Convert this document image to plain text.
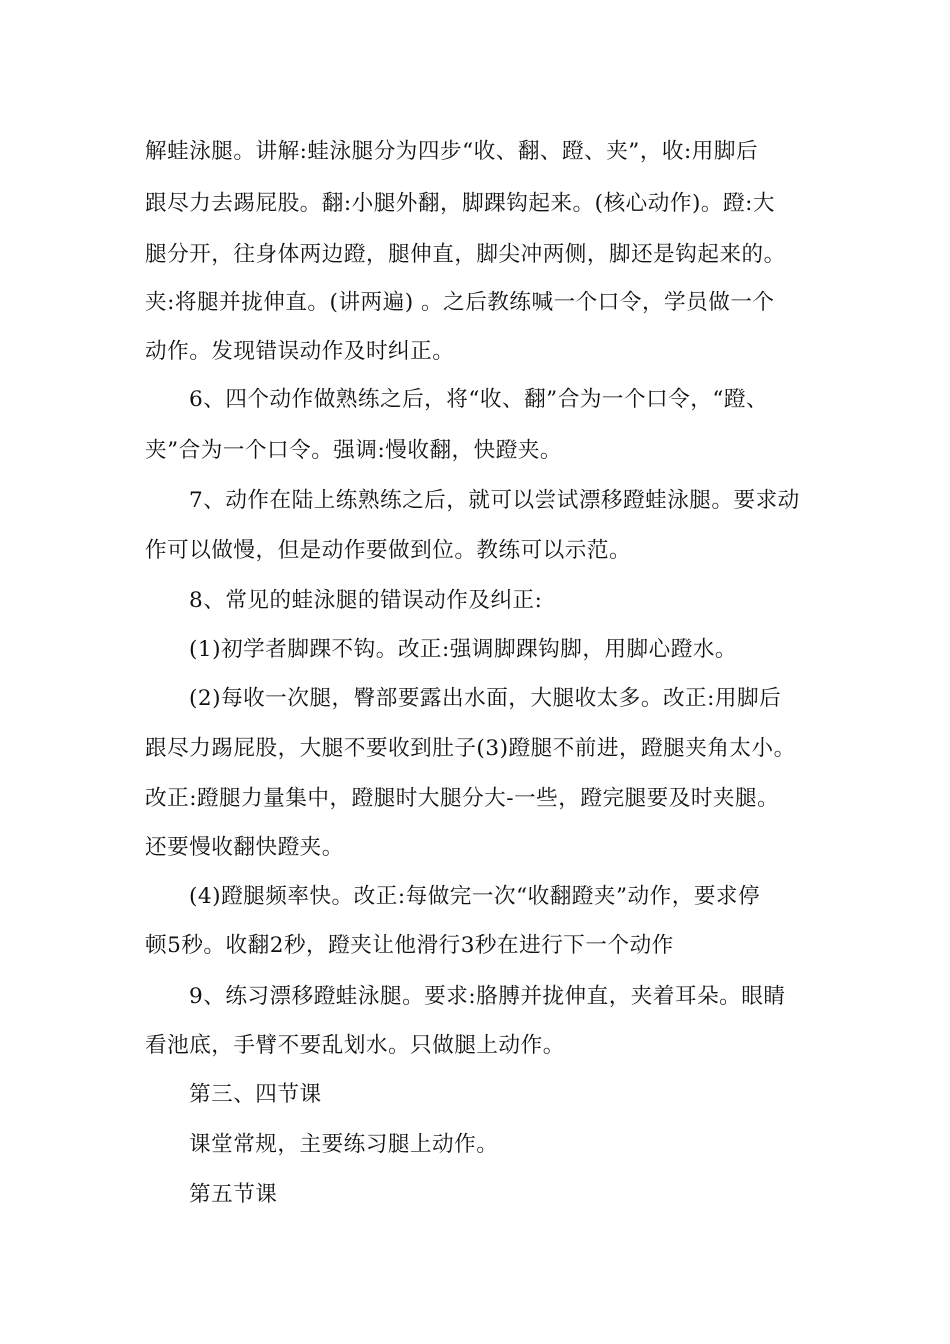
解蛙泳腿。讲解:蛙泳腿分为四步“收、翻、蹬、夹”，收:用脚后
跟尽力去踢屁股。翻:小腿外翻，脚踝钩起来。(核心动作)。蹬:大
腿分开，往身体两边蹬，腿伸直，脚尖冲两侧，脚还是钩起来的。
夹:将腿并拢伸直。(讲两遍) 。之后教练喊一个口令，学员做一个
动作。发现错误动作及时纠正。
6、四个动作做熟练之后，将“收、翻”合为一个口令，“蹬、
夹”合为一个口令。强调:慢收翻，快蹬夹。
7、动作在陆上练熟练之后，就可以尝试漂移蹬蛙泳腿。要求动
作可以做慢，但是动作要做到位。教练可以示范。
8、常见的蛙泳腿的错误动作及纠正:
(1)初学者脚踝不钩。改正:强调脚踝钩脚，用脚心蹬水。
(2)每收一次腿，臀部要露出水面，大腿收太多。改正:用脚后
跟尽力踢屁股，大腿不要收到肚子(3)蹬腿不前进，蹬腿夹角太小。
改正:蹬腿力量集中，蹬腿时大腿分大-一些，蹬完腿要及时夹腿。
还要慢收翻快蹬夹。
(4)蹬腿频率快。改正:每做完一次“收翻蹬夹”动作，要求停
顿5秒。收翻2秒，蹬夹让他滑行3秒在进行下一个动作
9、练习漂移蹬蛙泳腿。要求:胳膊并拢伸直，夹着耳朵。眼睛
看池底，手臂不要乱划水。只做腿上动作。
第三、四节课
课堂常规，主要练习腿上动作。
第五节课
